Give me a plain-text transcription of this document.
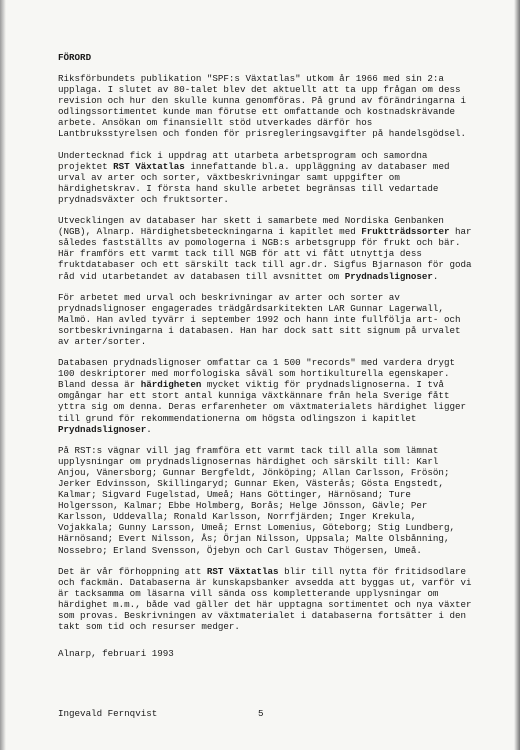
FÖRORD

Riksförbundets publikation "SPF:s Växtatlas" utkom år 1966 med sin 2:a upplaga. I slutet av 80-talet blev det aktuellt att ta upp frågan om dess revision och hur den skulle kunna genomföras. På grund av förändringarna i odlingssortimentet kunde man förutse ett omfattande och kostnadskrävande arbete. Ansökan om finansiellt stöd utverkades därför hos Lantbruksstyrelsen och fonden för prisregleringsavgifter på handelsgödsel.

Undertecknad fick i uppdrag att utarbeta arbetsprogram och samordna projektet RST Växtatlas innefattande bl.a. uppläggning av databaser med urval av arter och sorter, växtbeskrivningar samt uppgifter om härdighetskrav. I första hand skulle arbetet begränsas till vedartade prydnadsväxter och fruktsorter.

Utvecklingen av databaser har skett i samarbete med Nordiska Genbanken (NGB), Alnarp. Härdighetsbeteckningarna i kapitlet med Fruktträdssorter har således fastställts av pomologerna i NGB:s arbetsgrupp för frukt och bär. Här framförs ett varmt tack till NGB för att vi fått utnyttja dess fruktdatabaser och ett särskilt tack till agr.dr. Sigfus Bjarnason för goda råd vid utarbetandet av databasen till avsnittet om Prydnadslignoser.

För arbetet med urval och beskrivningar av arter och sorter av prydnadslignoser engagerades trädgårdsarkitekten LAR Gunnar Lagerwall, Malmö. Han avled tyvärr i september 1992 och hann inte fullfölja art- och sortbeskrivningarna i databasen. Han har dock satt sitt signum på urvalet av arter/sorter.

Databasen prydnadslignoser omfattar ca 1 500 "records" med vardera drygt 100 deskriptorer med morfologiska såväl som hortikulturella egenskaper. Bland dessa är härdigheten mycket viktig för prydnadslignoserna. I två omgångar har ett stort antal kunniga växtkännare från hela Sverige fått yttra sig om denna. Deras erfarenheter om växtmaterialets härdighet ligger till grund för rekommendationerna om högsta odlingszon i kapitlet Prydnadslignoser.

På RST:s vägnar vill jag framföra ett varmt tack till alla som lämnat upplysningar om prydnadslignosernas härdighet och särskilt till: Karl Anjou, Vänersborg; Gunnar Bergfeldt, Jönköping; Allan Carlsson, Frösön; Jerker Edvinsson, Skillingaryd; Gunnar Eken, Västerås; Gösta Engstedt, Kalmar; Sigvard Fugelstad, Umeå; Hans Göttinger, Härnösand; Ture Holgersson, Kalmar; Ebbe Holmberg, Borås; Helge Jönsson, Gävle; Per Karlsson, Uddevalla; Ronald Karlsson, Norrfjärden; Inger Krekula, Vojakkala; Gunny Larsson, Umeå; Ernst Lomenius, Göteborg; Stig Lundberg, Härnösand; Evert Nilsson, Ås; Örjan Nilsson, Uppsala; Malte Olsbånning, Nossebro; Erland Svensson, Öjebyn och Carl Gustav Thögersen, Umeå.

Det är vår förhoppning att RST Växtatlas blir till nytta för fritidsodlare och fackmän. Databaserna är kunskapsbanker avsedda att byggas ut, varför vi är tacksamma om läsarna vill sända oss kompletterande upplysningar om härdighet m.m., både vad gäller det här upptagna sortimentet och nya växter som provas. Beskrivningen av växtmaterialet i databaserna fortsätter i den takt som tid och resurser medger.

Alnarp, februari 1993

Ingevald Fernqvist	5
